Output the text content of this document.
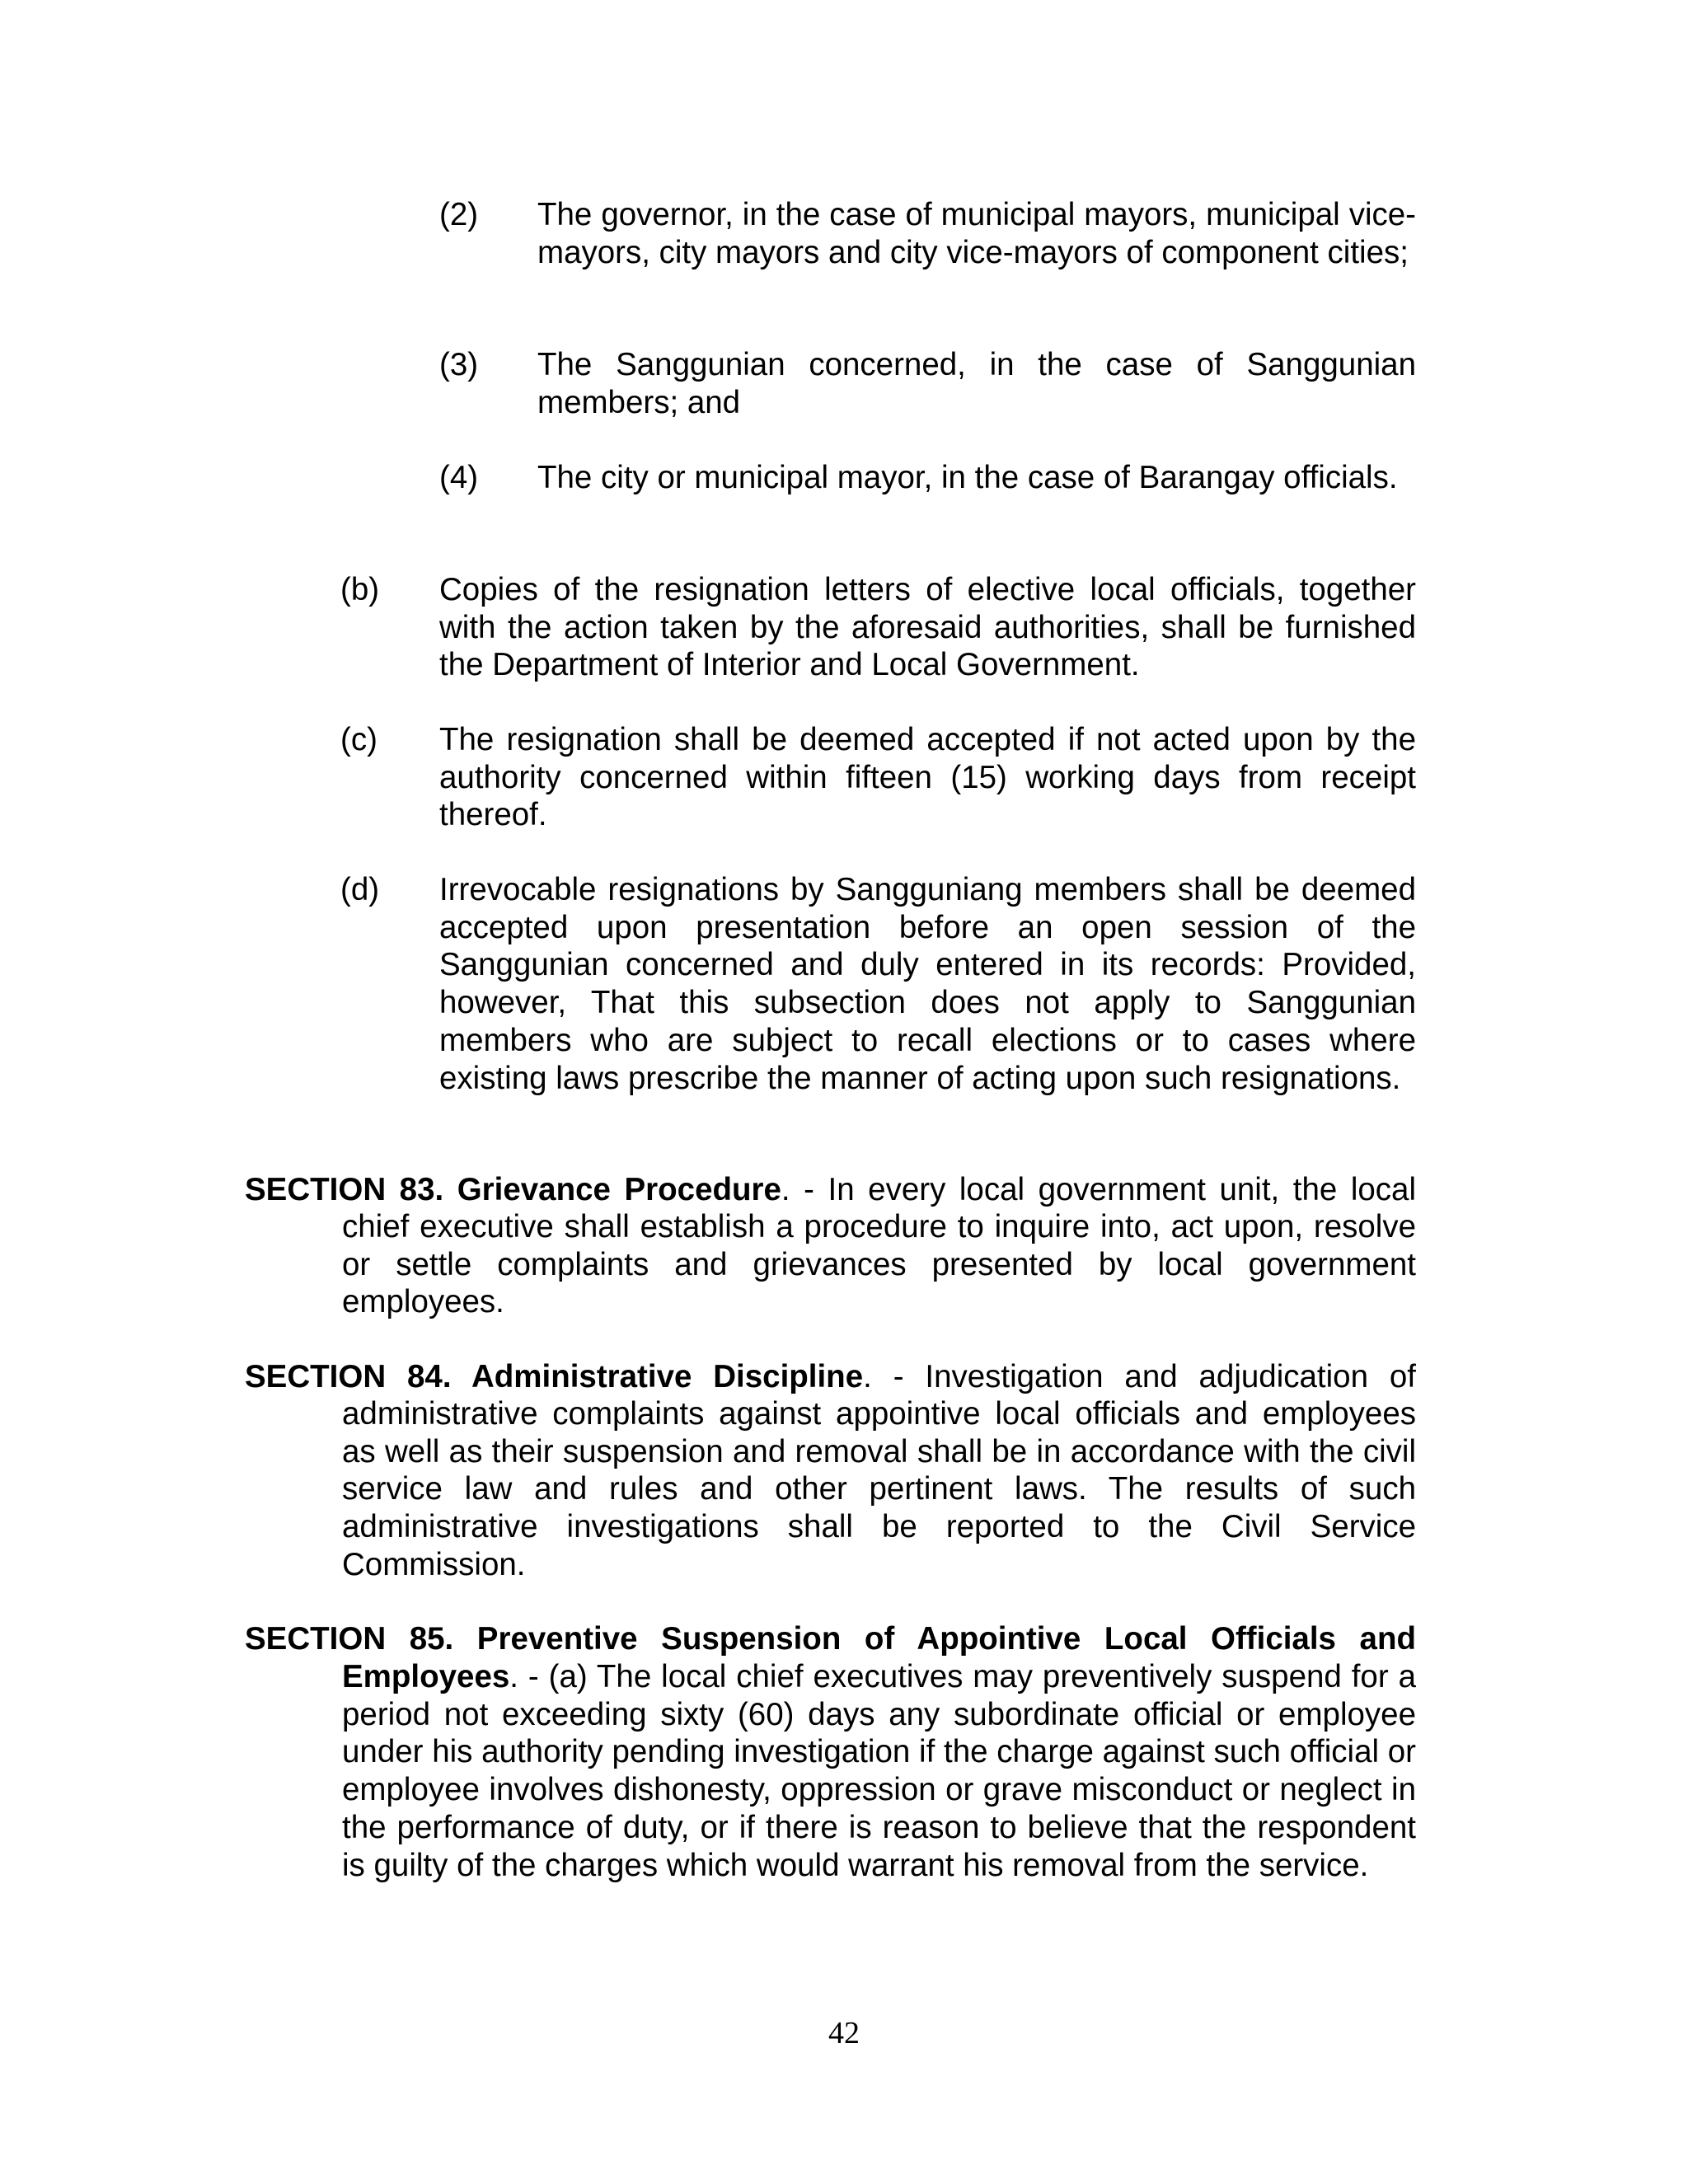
(2) The governor, in the case of municipal mayors, municipal vice-mayors, city mayors and city vice-mayors of component cities;
(3) The Sanggunian concerned, in the case of Sanggunian members; and
(4) The city or municipal mayor, in the case of Barangay officials.
(b) Copies of the resignation letters of elective local officials, together with the action taken by the aforesaid authorities, shall be furnished the Department of Interior and Local Government.
(c) The resignation shall be deemed accepted if not acted upon by the authority concerned within fifteen (15) working days from receipt thereof.
(d) Irrevocable resignations by Sangguniang members shall be deemed accepted upon presentation before an open session of the Sanggunian concerned and duly entered in its records: Provided, however, That this subsection does not apply to Sanggunian members who are subject to recall elections or to cases where existing laws prescribe the manner of acting upon such resignations.
SECTION 83. Grievance Procedure. - In every local government unit, the local
chief executive shall establish a procedure to inquire into, act upon, resolve or settle complaints and grievances presented by local government employees.
SECTION 84. Administrative Discipline. - Investigation and adjudication of
administrative complaints against appointive local officials and employees as well as their suspension and removal shall be in accordance with the civil service law and rules and other pertinent laws. The results of such administrative investigations shall be reported to the Civil Service Commission.
SECTION 85. Preventive Suspension of Appointive Local Officials and
Employees. - (a) The local chief executives may preventively suspend for a period not exceeding sixty (60) days any subordinate official or employee under his authority pending investigation if the charge against such official or employee involves dishonesty, oppression or grave misconduct or neglect in the performance of duty, or if there is reason to believe that the respondent is guilty of the charges which would warrant his removal from the service.
42
